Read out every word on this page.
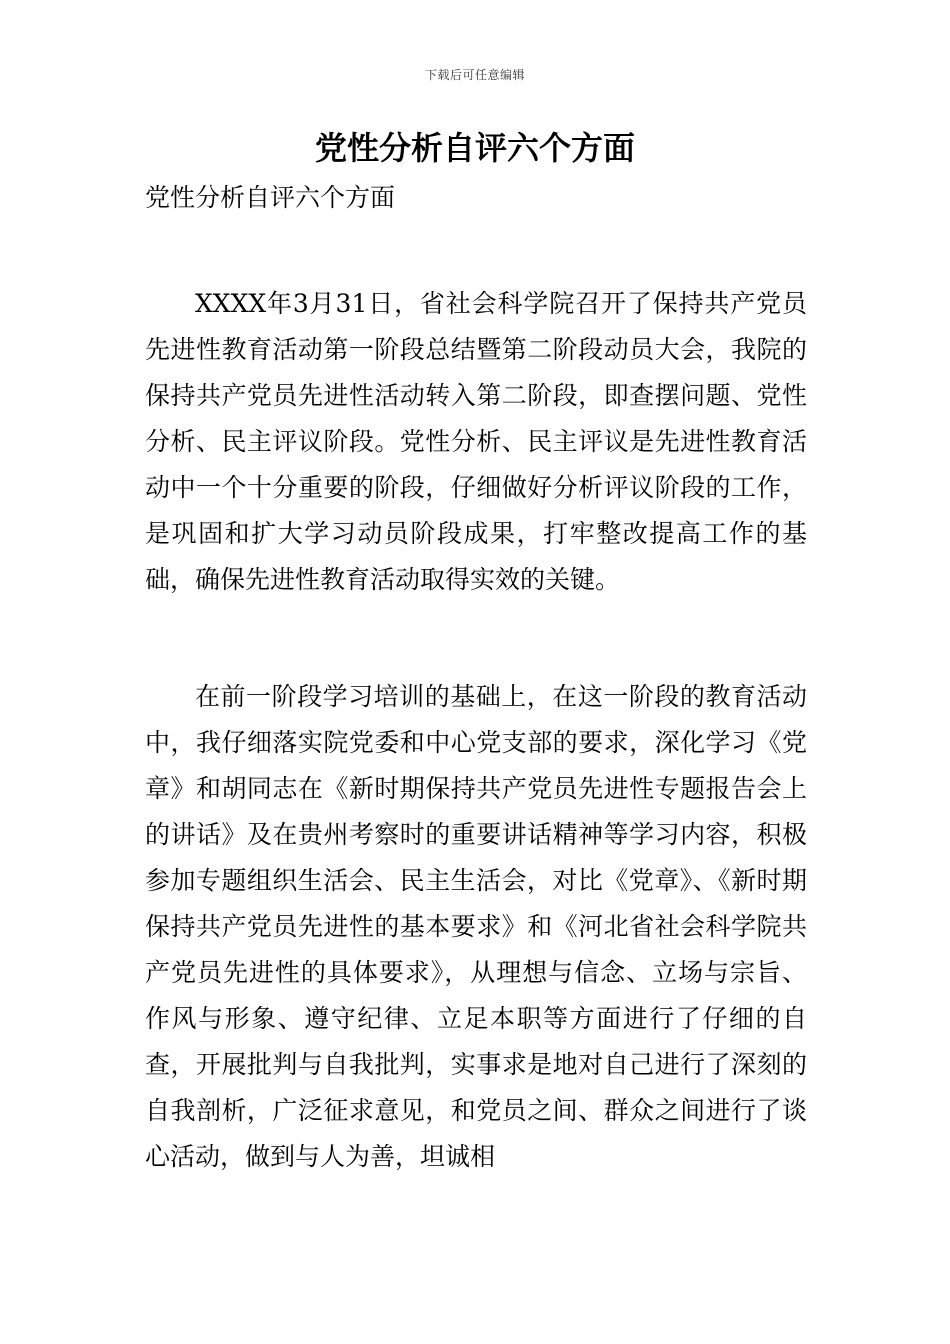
下载后可任意编辑
党性分析自评六个方面
党性分析自评六个方面

XXXX年3月31日，省社会科学院召开了保持共产党员先进性教育活动第一阶段总结暨第二阶段动员大会，我院的保持共产党员先进性活动转入第二阶段，即查摆问题、党性分析、民主评议阶段。党性分析、民主评议是先进性教育活动中一个十分重要的阶段，仔细做好分析评议阶段的工作，是巩固和扩大学习动员阶段成果，打牢整改提高工作的基础，确保先进性教育活动取得实效的关键。

在前一阶段学习培训的基础上，在这一阶段的教育活动中，我仔细落实院党委和中心党支部的要求，深化学习《党章》和胡同志在《新时期保持共产党员先进性专题报告会上的讲话》及在贵州考察时的重要讲话精神等学习内容，积极参加专题组织生活会、民主生活会，对比《党章》、《新时期保持共产党员先进性的基本要求》和《河北省社会科学院共产党员先进性的具体要求》，从理想与信念、立场与宗旨、作风与形象、遵守纪律、立足本职等方面进行了仔细的自查，开展批判与自我批判，实事求是地对自己进行了深刻的自我剖析，广泛征求意见，和党员之间、群众之间进行了谈心活动，做到与人为善，坦诚相
